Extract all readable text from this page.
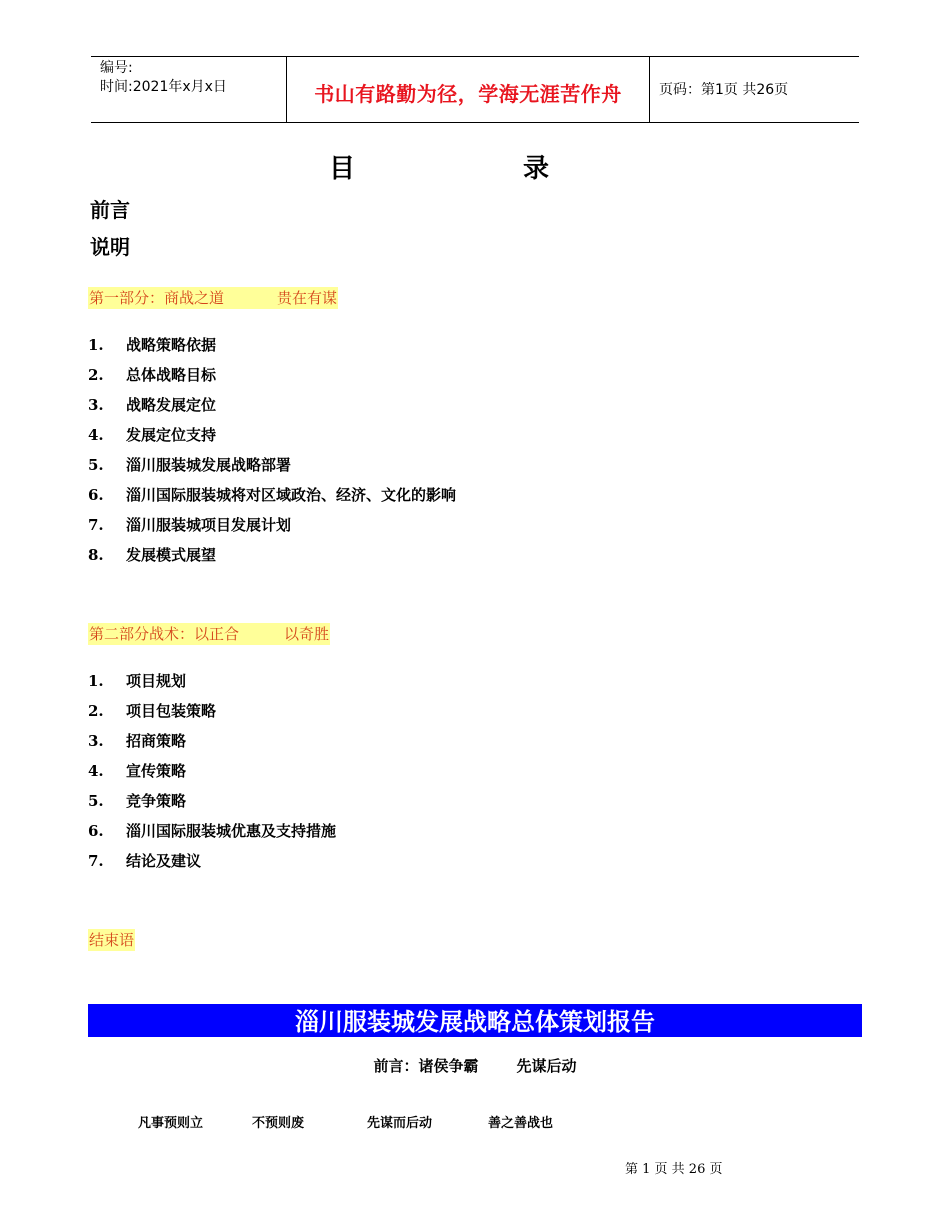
编号:
时间:2021年x月x日	书山有路勤为径，学海无涯苦作舟	页码：第1页 共26页
目	录
前言
说明
第一部分：商战之道	贵在有谋
1. 战略策略依据
2. 总体战略目标
3. 战略发展定位
4. 发展定位支持
5. 淄川服装城发展战略部署
6. 淄川国际服装城将对区域政治、经济、文化的影响
7. 淄川服装城项目发展计划
8. 发展模式展望
第二部分战术：以正合	以奇胜
1. 项目规划
2. 项目包装策略
3. 招商策略
4. 宣传策略
5. 竞争策略
6. 淄川国际服装城优惠及支持措施
7. 结论及建议
结束语
淄川服装城发展战略总体策划报告
前言：诸侯争霸	先谋后动
凡事预则立	不预则废	先谋而后动	善之善战也
第 1 页 共 26 页
